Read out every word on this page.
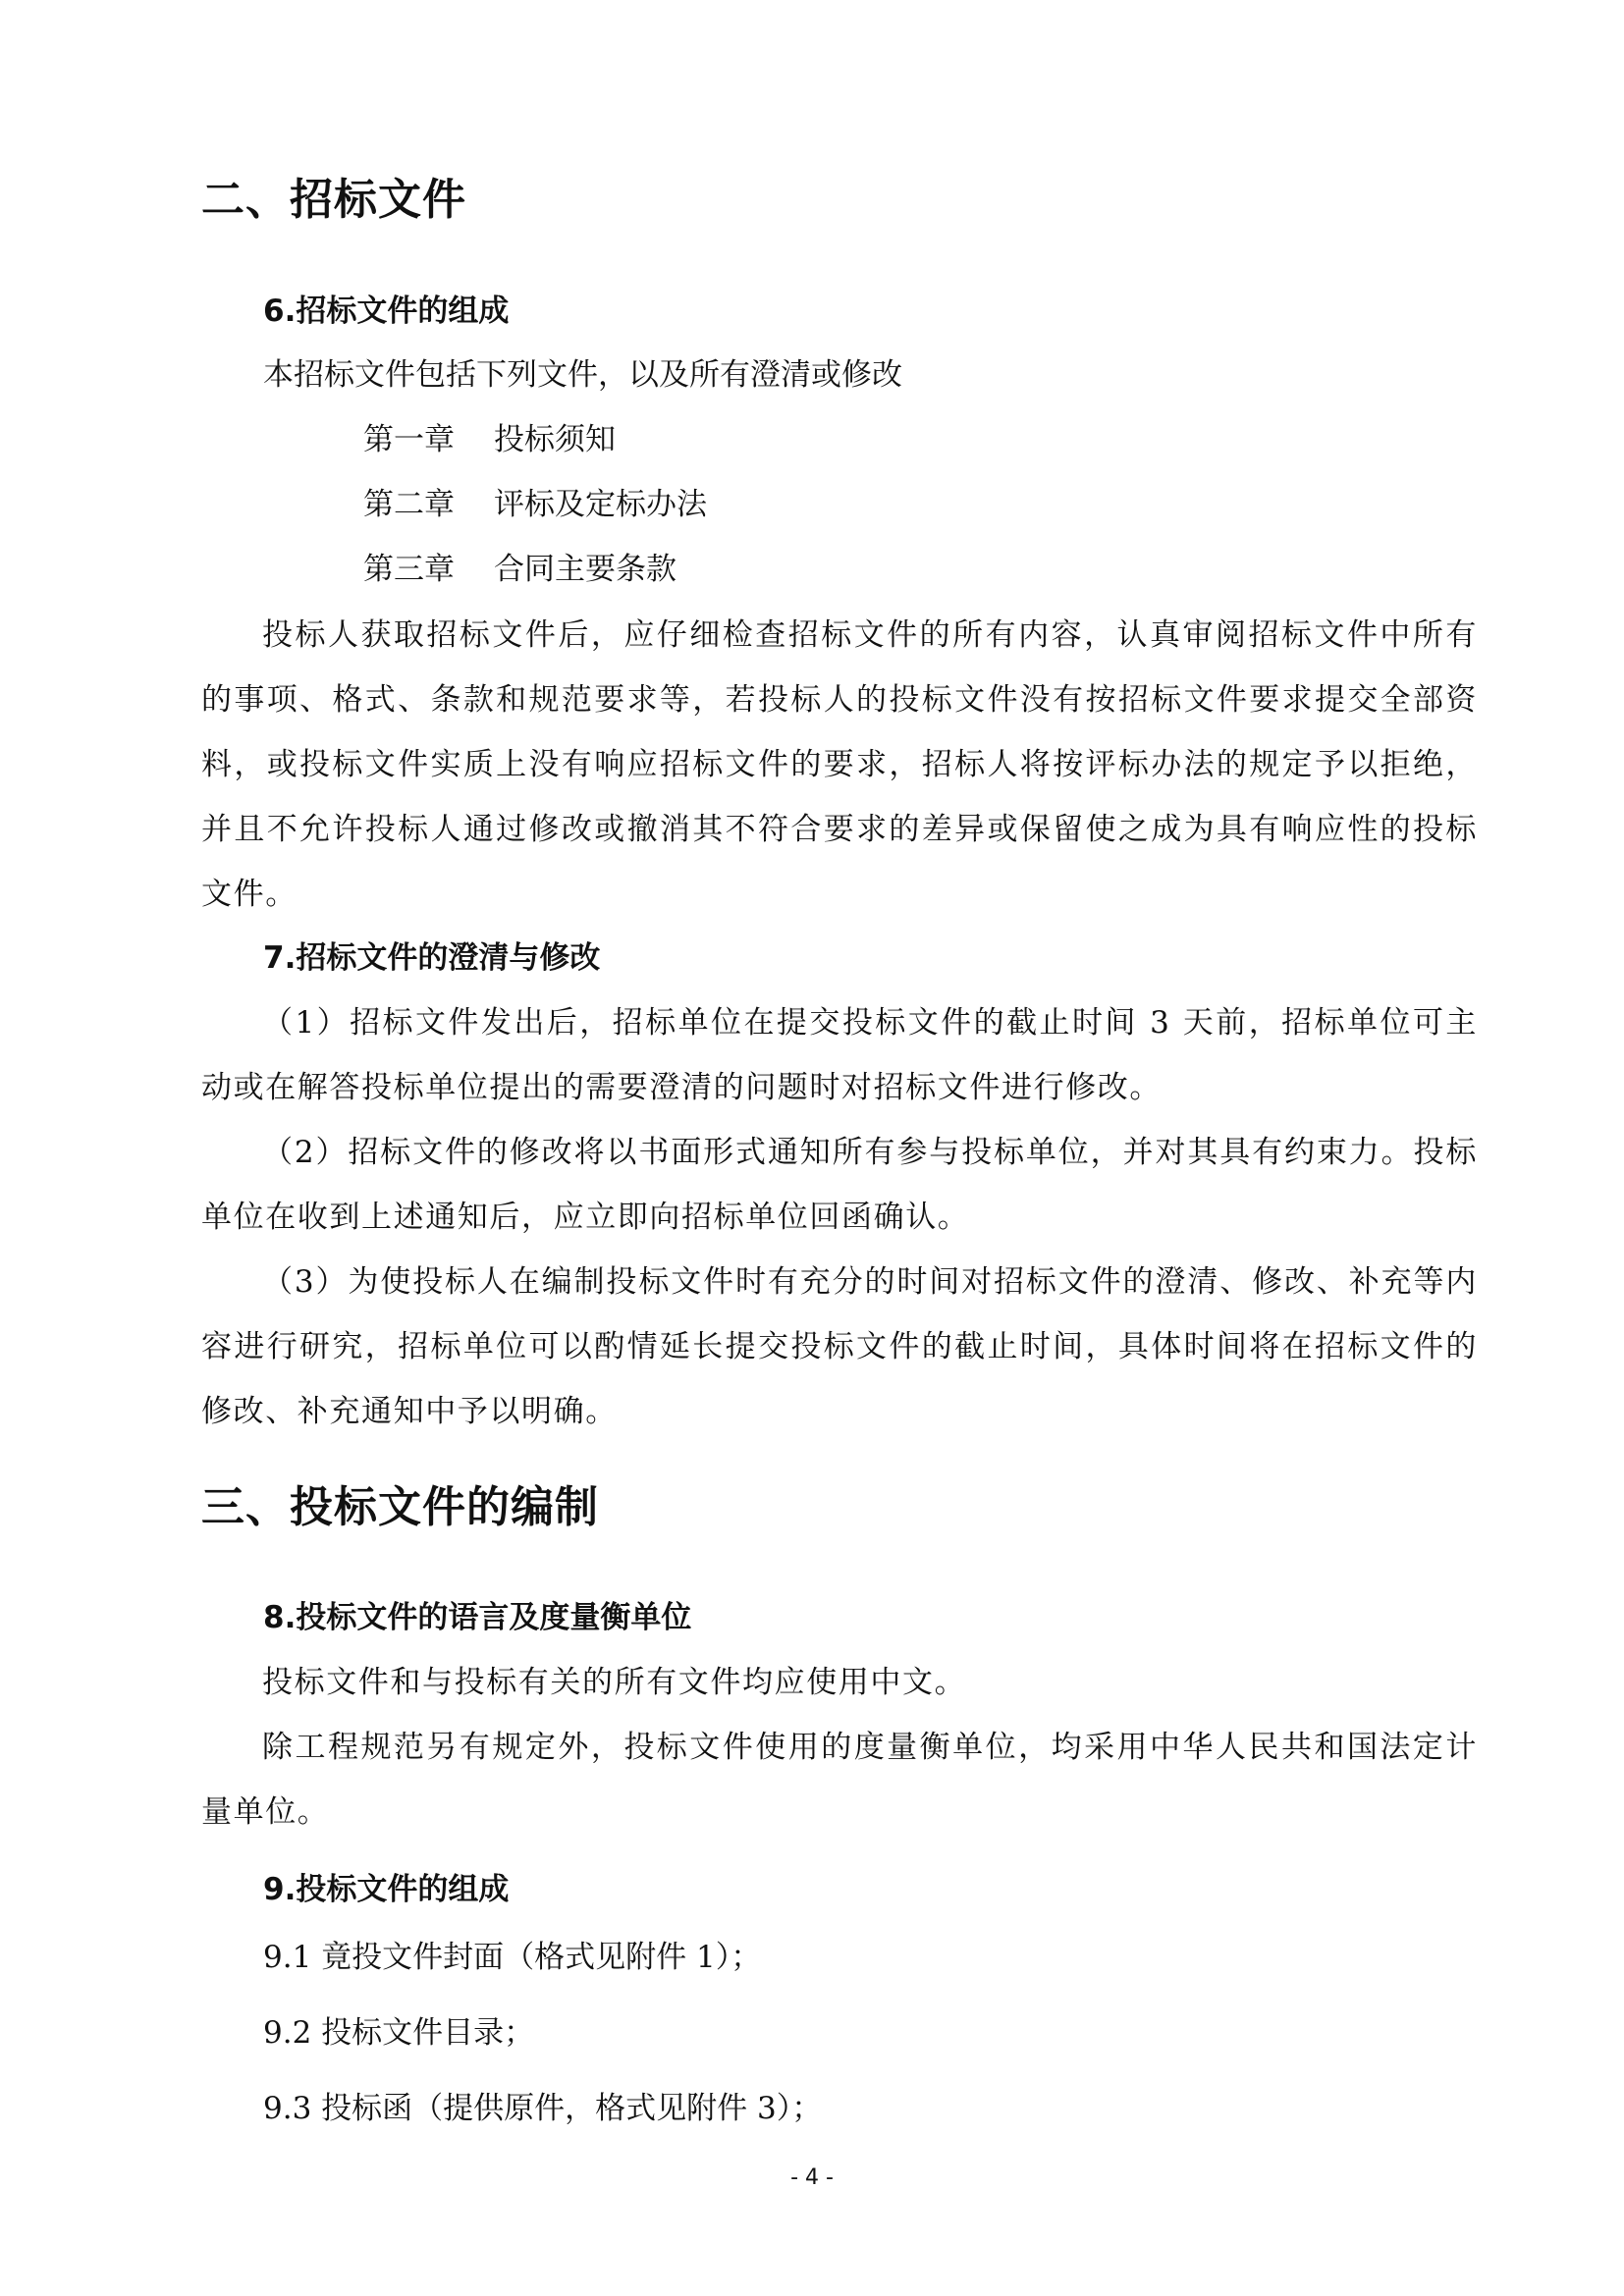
二、招标文件
6.招标文件的组成

本招标文件包括下列文件，以及所有澄清或修改

第一章 投标须知

第二章 评标及定标办法

第三章 合同主要条款

投标人获取招标文件后，应仔细检查招标文件的所有内容，认真审阅招标文件中所有的事项、格式、条款和规范要求等，若投标人的投标文件没有按招标文件要求提交全部资料，或投标文件实质上没有响应招标文件的要求，招标人将按评标办法的规定予以拒绝，并且不允许投标人通过修改或撤消其不符合要求的差异或保留使之成为具有响应性的投标文件。

7.招标文件的澄清与修改

（1）招标文件发出后，招标单位在提交投标文件的截止时间 3 天前，招标单位可主动或在解答投标单位提出的需要澄清的问题时对招标文件进行修改。

（2）招标文件的修改将以书面形式通知所有参与投标单位，并对其具有约束力。投标单位在收到上述通知后，应立即向招标单位回函确认。

（3）为使投标人在编制投标文件时有充分的时间对招标文件的澄清、修改、补充等内容进行研究，招标单位可以酌情延长提交投标文件的截止时间，具体时间将在招标文件的修改、补充通知中予以明确。

三、投标文件的编制
8.投标文件的语言及度量衡单位

投标文件和与投标有关的所有文件均应使用中文。

除工程规范另有规定外，投标文件使用的度量衡单位，均采用中华人民共和国法定计量单位。

9.投标文件的组成

9.1 竟投文件封面（格式见附件 1）；

9.2 投标文件目录；

9.3 投标函（提供原件，格式见附件 3）；

- 4 -
